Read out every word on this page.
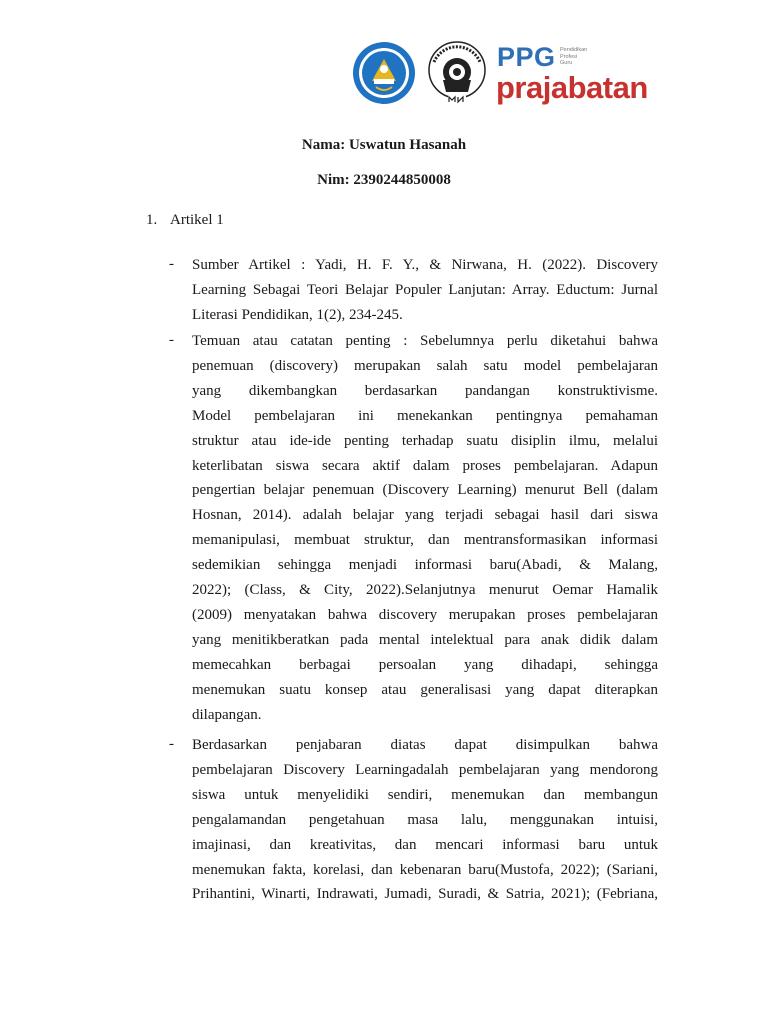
PPG Pendidikan
Profesi
Guru
prajabatan
Nama: Uswatun Hasanah
Nim: 2390244850008
1. Artikel 1
- Sumber Artikel : Yadi, H. F. Y., & Nirwana, H. (2022). Discovery
Learning Sebagai Teori Belajar Populer Lanjutan: Array. Eductum: Jurnal
Literasi Pendidikan, 1(2), 234-245.
- Temuan atau catatan penting : Sebelumnya perlu diketahui bahwa
penemuan (discovery) merupakan salah satu model pembelajaran
yang dikembangkan berdasarkan pandangan konstruktivisme.
Model pembelajaran ini menekankan pentingnya pemahaman
struktur atau ide-ide penting terhadap suatu disiplin ilmu, melalui
keterlibatan siswa secara aktif dalam proses pembelajaran. Adapun
pengertian belajar penemuan (Discovery Learning) menurut Bell (dalam
Hosnan, 2014). adalah belajar yang terjadi sebagai hasil dari siswa
memanipulasi, membuat struktur, dan mentransformasikan informasi
sedemikian sehingga menjadi informasi baru(Abadi, & Malang,
2022); (Class, & City, 2022).Selanjutnya menurut Oemar Hamalik
(2009) menyatakan bahwa discovery merupakan proses pembelajaran
yang menitikberatkan pada mental intelektual para anak didik dalam
memecahkan berbagai persoalan yang dihadapi, sehingga
menemukan suatu konsep atau generalisasi yang dapat diterapkan
dilapangan.
- Berdasarkan penjabaran diatas dapat disimpulkan bahwa
pembelajaran Discovery Learningadalah pembelajaran yang mendorong
siswa untuk menyelidiki sendiri, menemukan dan membangun
pengalamandan pengetahuan masa lalu, menggunakan intuisi,
imajinasi, dan kreativitas, dan mencari informasi baru untuk
menemukan fakta, korelasi, dan kebenaran baru(Mustofa, 2022); (Sariani,
Prihantini, Winarti, Indrawati, Jumadi, Suradi, & Satria, 2021); (Febriana,
